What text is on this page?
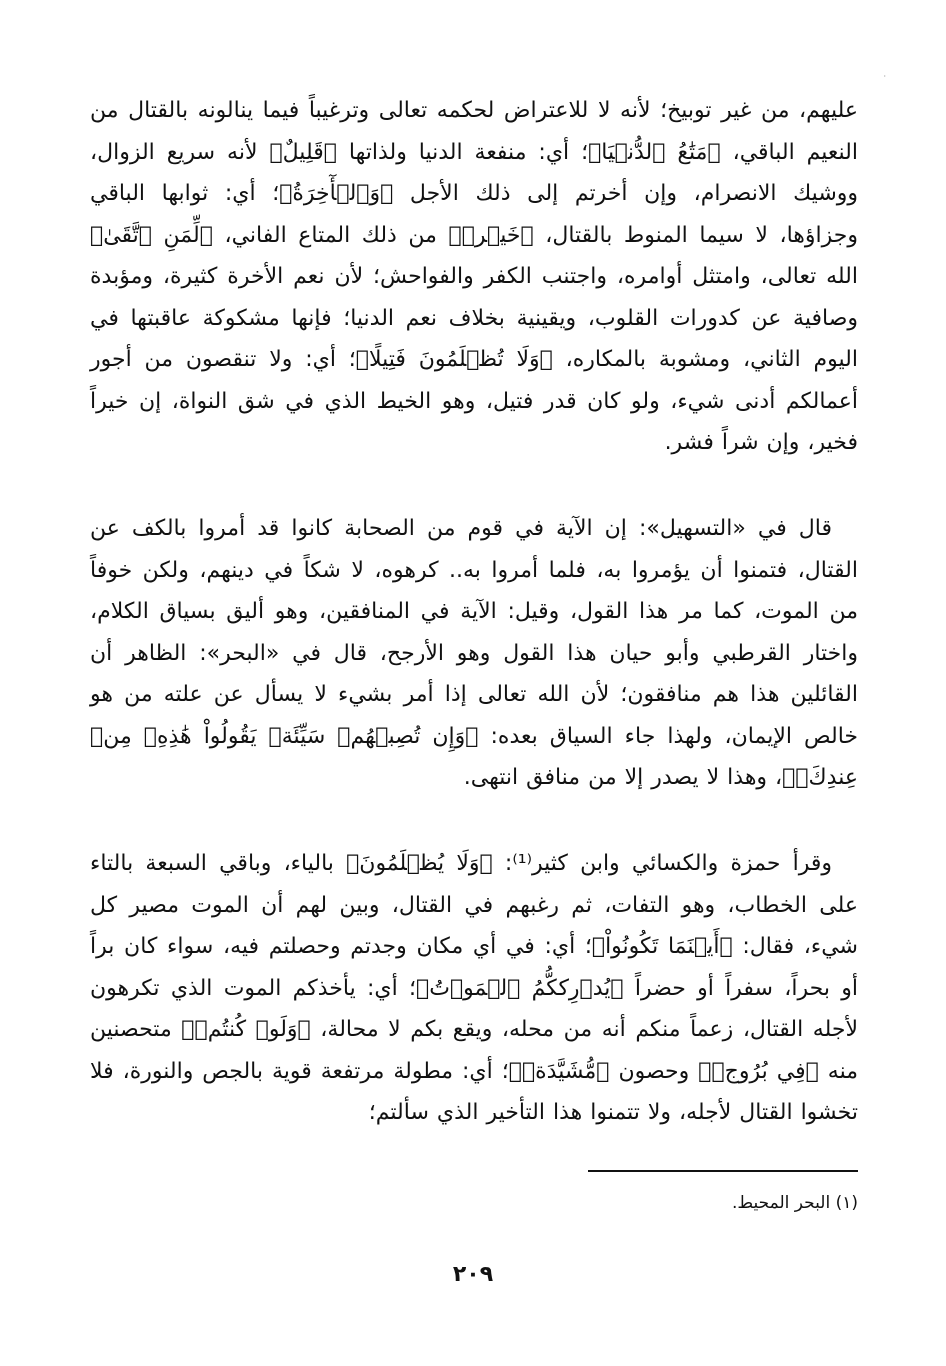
عليهم، من غير توبيخ؛ لأنه لا للاعتراض لحكمه تعالى وترغيباً فيما ينالونه بالقتال من النعيم الباقي، ﴿مَتَٰعُ ٱلدُّنۡيَا﴾؛ أي: منفعة الدنيا ولذاتها ﴿قَلِيلٌ﴾ لأنه سريع الزوال، ووشيك الانصرام، وإن أخرتم إلى ذلك الأجل ﴿وَٱلۡأٓخِرَةُ﴾؛ أي: ثوابها الباقي وجزاؤها، لا سيما المنوط بالقتال، ﴿خَيۡرٞ﴾ من ذلك المتاع الفاني، ﴿لِّمَنِ ٱتَّقَىٰ﴾ الله تعالى، وامتثل أوامره، واجتنب الكفر والفواحش؛ لأن نعم الأخرة كثيرة، ومؤبدة وصافية عن كدورات القلوب، ويقينية بخلاف نعم الدنيا؛ فإنها مشكوكة عاقبتها في اليوم الثاني، ومشوبة بالمكاره، ﴿وَلَا تُظۡلَمُونَ فَتِيلًا﴾؛ أي: ولا تنقصون من أجور أعمالكم أدنى شيء، ولو كان قدر فتيل، وهو الخيط الذي في شق النواة، إن خيراً فخير، وإن شراً فشر.

قال في «التسهيل»: إن الآية في قوم من الصحابة كانوا قد أمروا بالكف عن القتال، فتمنوا أن يؤمروا به، فلما أمروا به.. كرهوه، لا شكاً في دينهم، ولكن خوفاً من الموت، كما مر هذا القول، وقيل: الآية في المنافقين، وهو أليق بسياق الكلام، واختار القرطبي وأبو حيان هذا القول وهو الأرجح، قال في «البحر»: الظاهر أن القائلين هذا هم منافقون؛ لأن الله تعالى إذا أمر بشيء لا يسأل عن علته من هو خالص الإيمان، ولهذا جاء السياق بعده: ﴿وَإِن تُصِبۡهُمۡ سَيِّئَةٞ يَقُولُواْ هَٰذِهِۦ مِنۡ عِندِكَۚ﴾، وهذا لا يصدر إلا من منافق انتهى.

وقرأ حمزة والكسائي وابن كثير⁽¹⁾: ﴿وَلَا يُظۡلَمُونَ﴾ بالياء، وباقي السبعة بالتاء على الخطاب، وهو التفات، ثم رغبهم في القتال، وبين لهم أن الموت مصير كل شيء، فقال: ﴿أَيۡنَمَا تَكُونُواْ﴾؛ أي: في أي مكان وجدتم وحصلتم فيه، سواء كان براً أو بحراً، سفراً أو حضراً ﴿يُدۡرِككُّمُ ٱلۡمَوۡتُ﴾؛ أي: يأخذكم الموت الذي تكرهون لأجله القتال، زعماً منكم أنه من محله، ويقع بكم لا محالة، ﴿وَلَوۡ كُنتُمۡ﴾ متحصنين منه ﴿فِي بُرُوجٖ﴾ وحصون ﴿مُّشَيَّدَةٖ﴾؛ أي: مطولة مرتفعة قوية بالجص والنورة، فلا تخشوا القتال لأجله، ولا تتمنوا هذا التأخير الذي سألتم؛

(١) البحر المحيط.
٢٠٩
·
